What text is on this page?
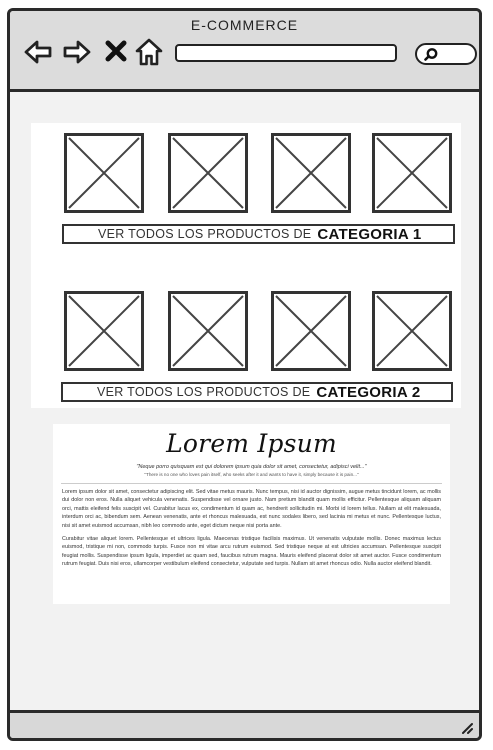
E-COMMERCE
VER TODOS LOS PRODUCTOS DE CATEGORIA 1
VER TODOS LOS PRODUCTOS DE CATEGORIA 2
Lorem Ipsum
"Neque porro quisquam est qui dolorem ipsum quia dolor sit amet, consectetur, adipisci velit..."
"There is no one who loves pain itself, who seeks after it and wants to have it, simply because it is pain..."

Lorem ipsum dolor sit amet, consectetur adipiscing elit. Sed vitae metus mauris. Nunc tempus, nisi id auctor dignissim, augue metus tincidunt lorem, ac mollis dui dolor non eros. Nulla aliquet vehicula venenatis. Suspendisse vel ornare justo. Nam pretium blandit quam mollis efficitur. Pellentesque aliquam aliquam orci, mattis eleifend felis suscipit vel. Curabitur lacus ex, condimentum id quam ac, hendrerit sollicitudin mi. Morbi id lorem tellus. Nullam at elit malesuada, interdum orci ac, bibendum sem. Aenean venenatis, ante et rhoncus malesuada, est nunc sodales libero, sed lacinia mi metus et nunc. Pellentesque luctus, nisi sit amet euismod accumsan, nibh leo commodo ante, eget dictum neque nisi porta ante.

Curabitur vitae aliquet lorem. Pellentesque et ultrices ligula. Maecenas tristique facilisis maximus. Ut venenatis vulputate mollis. Donec maximus lectus euismod, tristique mi non, commodo turpis. Fusce non mi vitae arcu rutrum euismod. Sed tristique neque at est ultricies accumsan. Pellentesque suscipit feugiat mollis. Suspendisse ipsum ligula, imperdiet ac quam sed, faucibus rutrum magna. Mauris eleifend placerat dolor sit amet auctor. Fusce condimentum rutrum feugiat. Duis nisi eros, ullamcorper vestibulum eleifend consectetur, vulputate sed turpis. Nullam sit amet rhoncus odio. Nulla auctor eleifend blandit.
